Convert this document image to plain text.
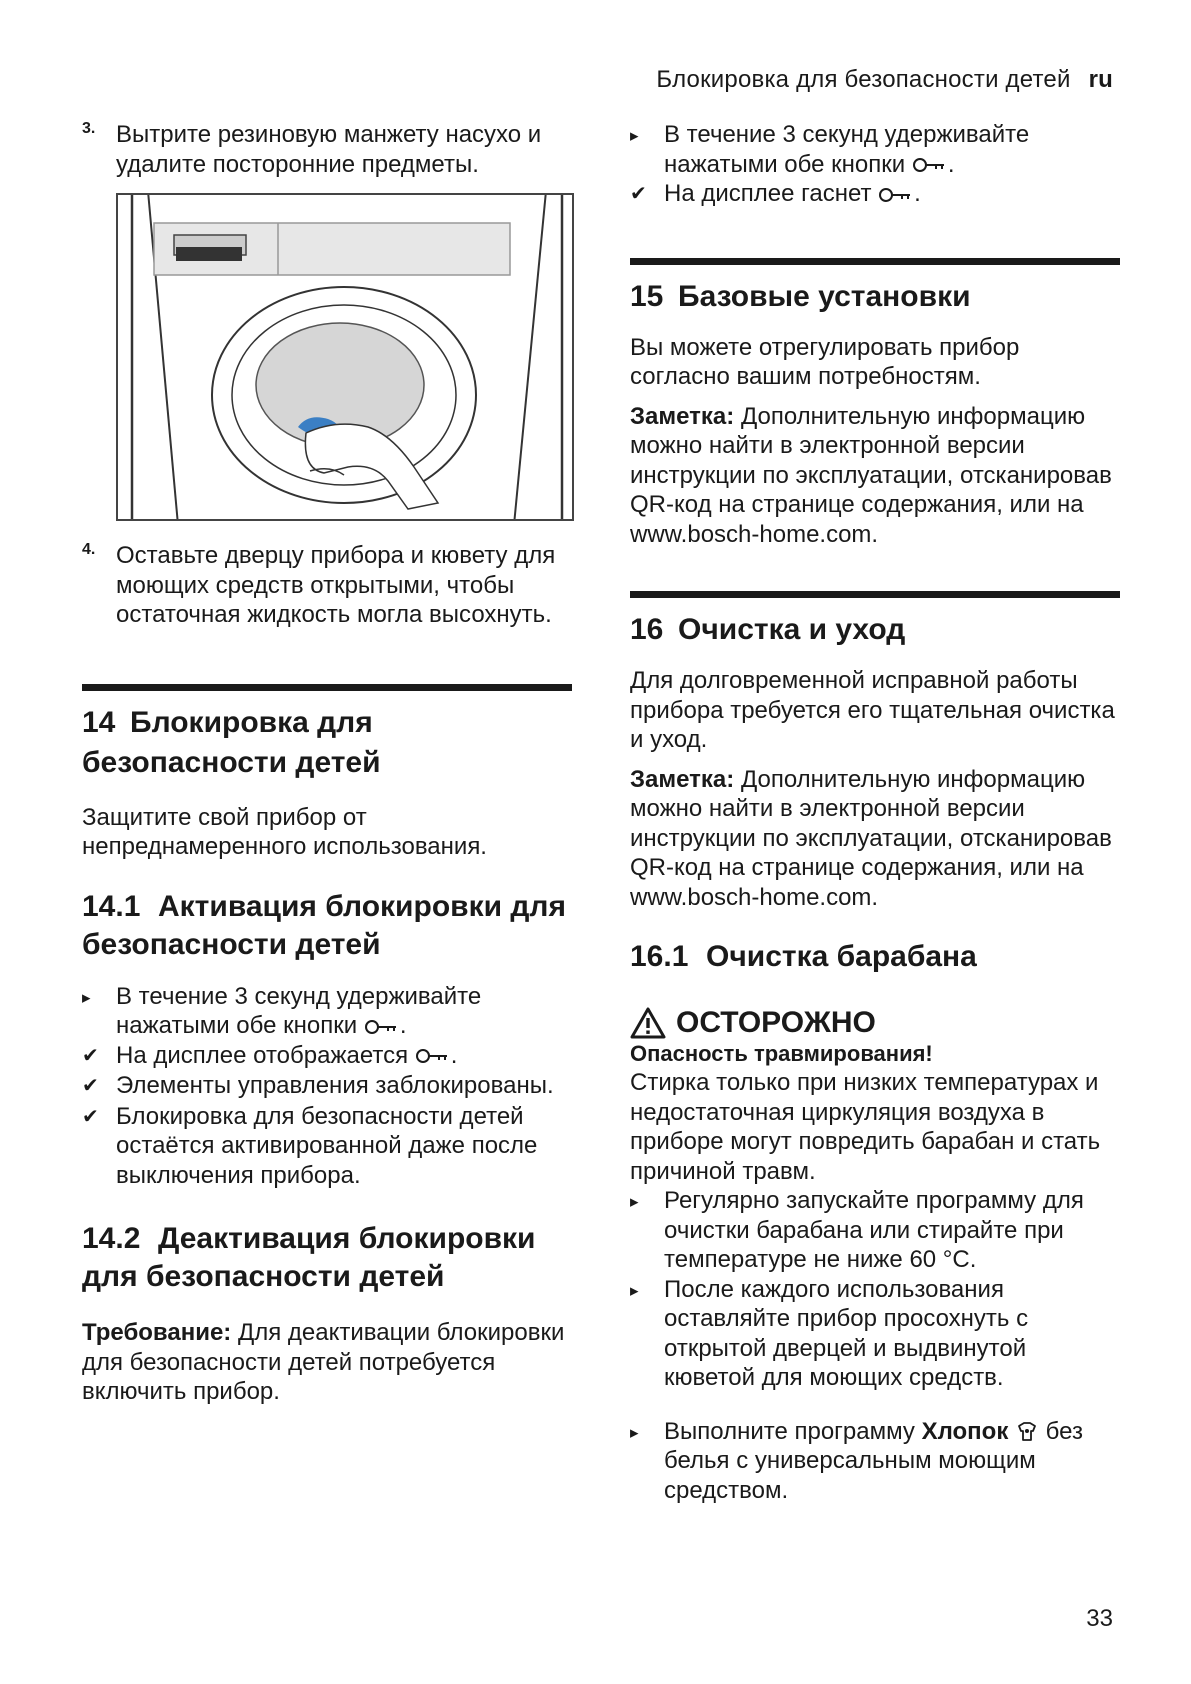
Блокировка для безопасности детей ru
3. Вытрите резиновую манжету насухо и удалите посторонние предметы.

4. Оставьте дверцу прибора и кювету для моющих средств открытыми, чтобы остаточная жидкость могла высохнуть.

14 Блокировка для безопасности детей

Защитите свой прибор от непреднамеренного использования.

14.1 Активация блокировки для безопасности детей
▸	В течение 3 секунд удерживайте нажатыми обе кнопки .
✔ На дисплее отображается .
✔ Элементы управления заблокированы.
✔ Блокировка для безопасности детей остаётся активированной даже после выключения прибора.
14.2 Деактивация блокировки для безопасности детей

Требование: Для деактивации блокировки для безопасности детей потребуется включить прибор.

▸	В течение 3 секунд удерживайте нажатыми обе кнопки .
✔ На дисплее гаснет .
15 Базовые установки

Вы можете отрегулировать прибор согласно вашим потребностям.

Заметка: Дополнительную информацию можно найти в электронной версии инструкции по эксплуатации, отсканировав QR-код на странице содержания, или на www.bosch-home.com.

16 Очистка и уход

Для долговременной исправной работы прибора требуется его тщательная очистка и уход.

Заметка: Дополнительную информацию можно найти в электронной версии инструкции по эксплуатации, отсканировав QR-код на странице содержания, или на www.bosch-home.com.

16.1 Очистка барабана
ОСТОРОЖНО

Опасность травмирования!

Стирка только при низких температурах и недостаточная циркуляция воздуха в приборе могут повредить барабан и стать причиной травм.

▸	Регулярно запускайте программу для очистки барабана или стирайте при температуре не ниже 60 °C.
▸	После каждого использования оставляйте прибор просохнуть с открытой дверцей и выдвинутой кюветой для моющих средств.
▸	Выполните программу Хлопок  без белья с универсальным моющим средством.
33
